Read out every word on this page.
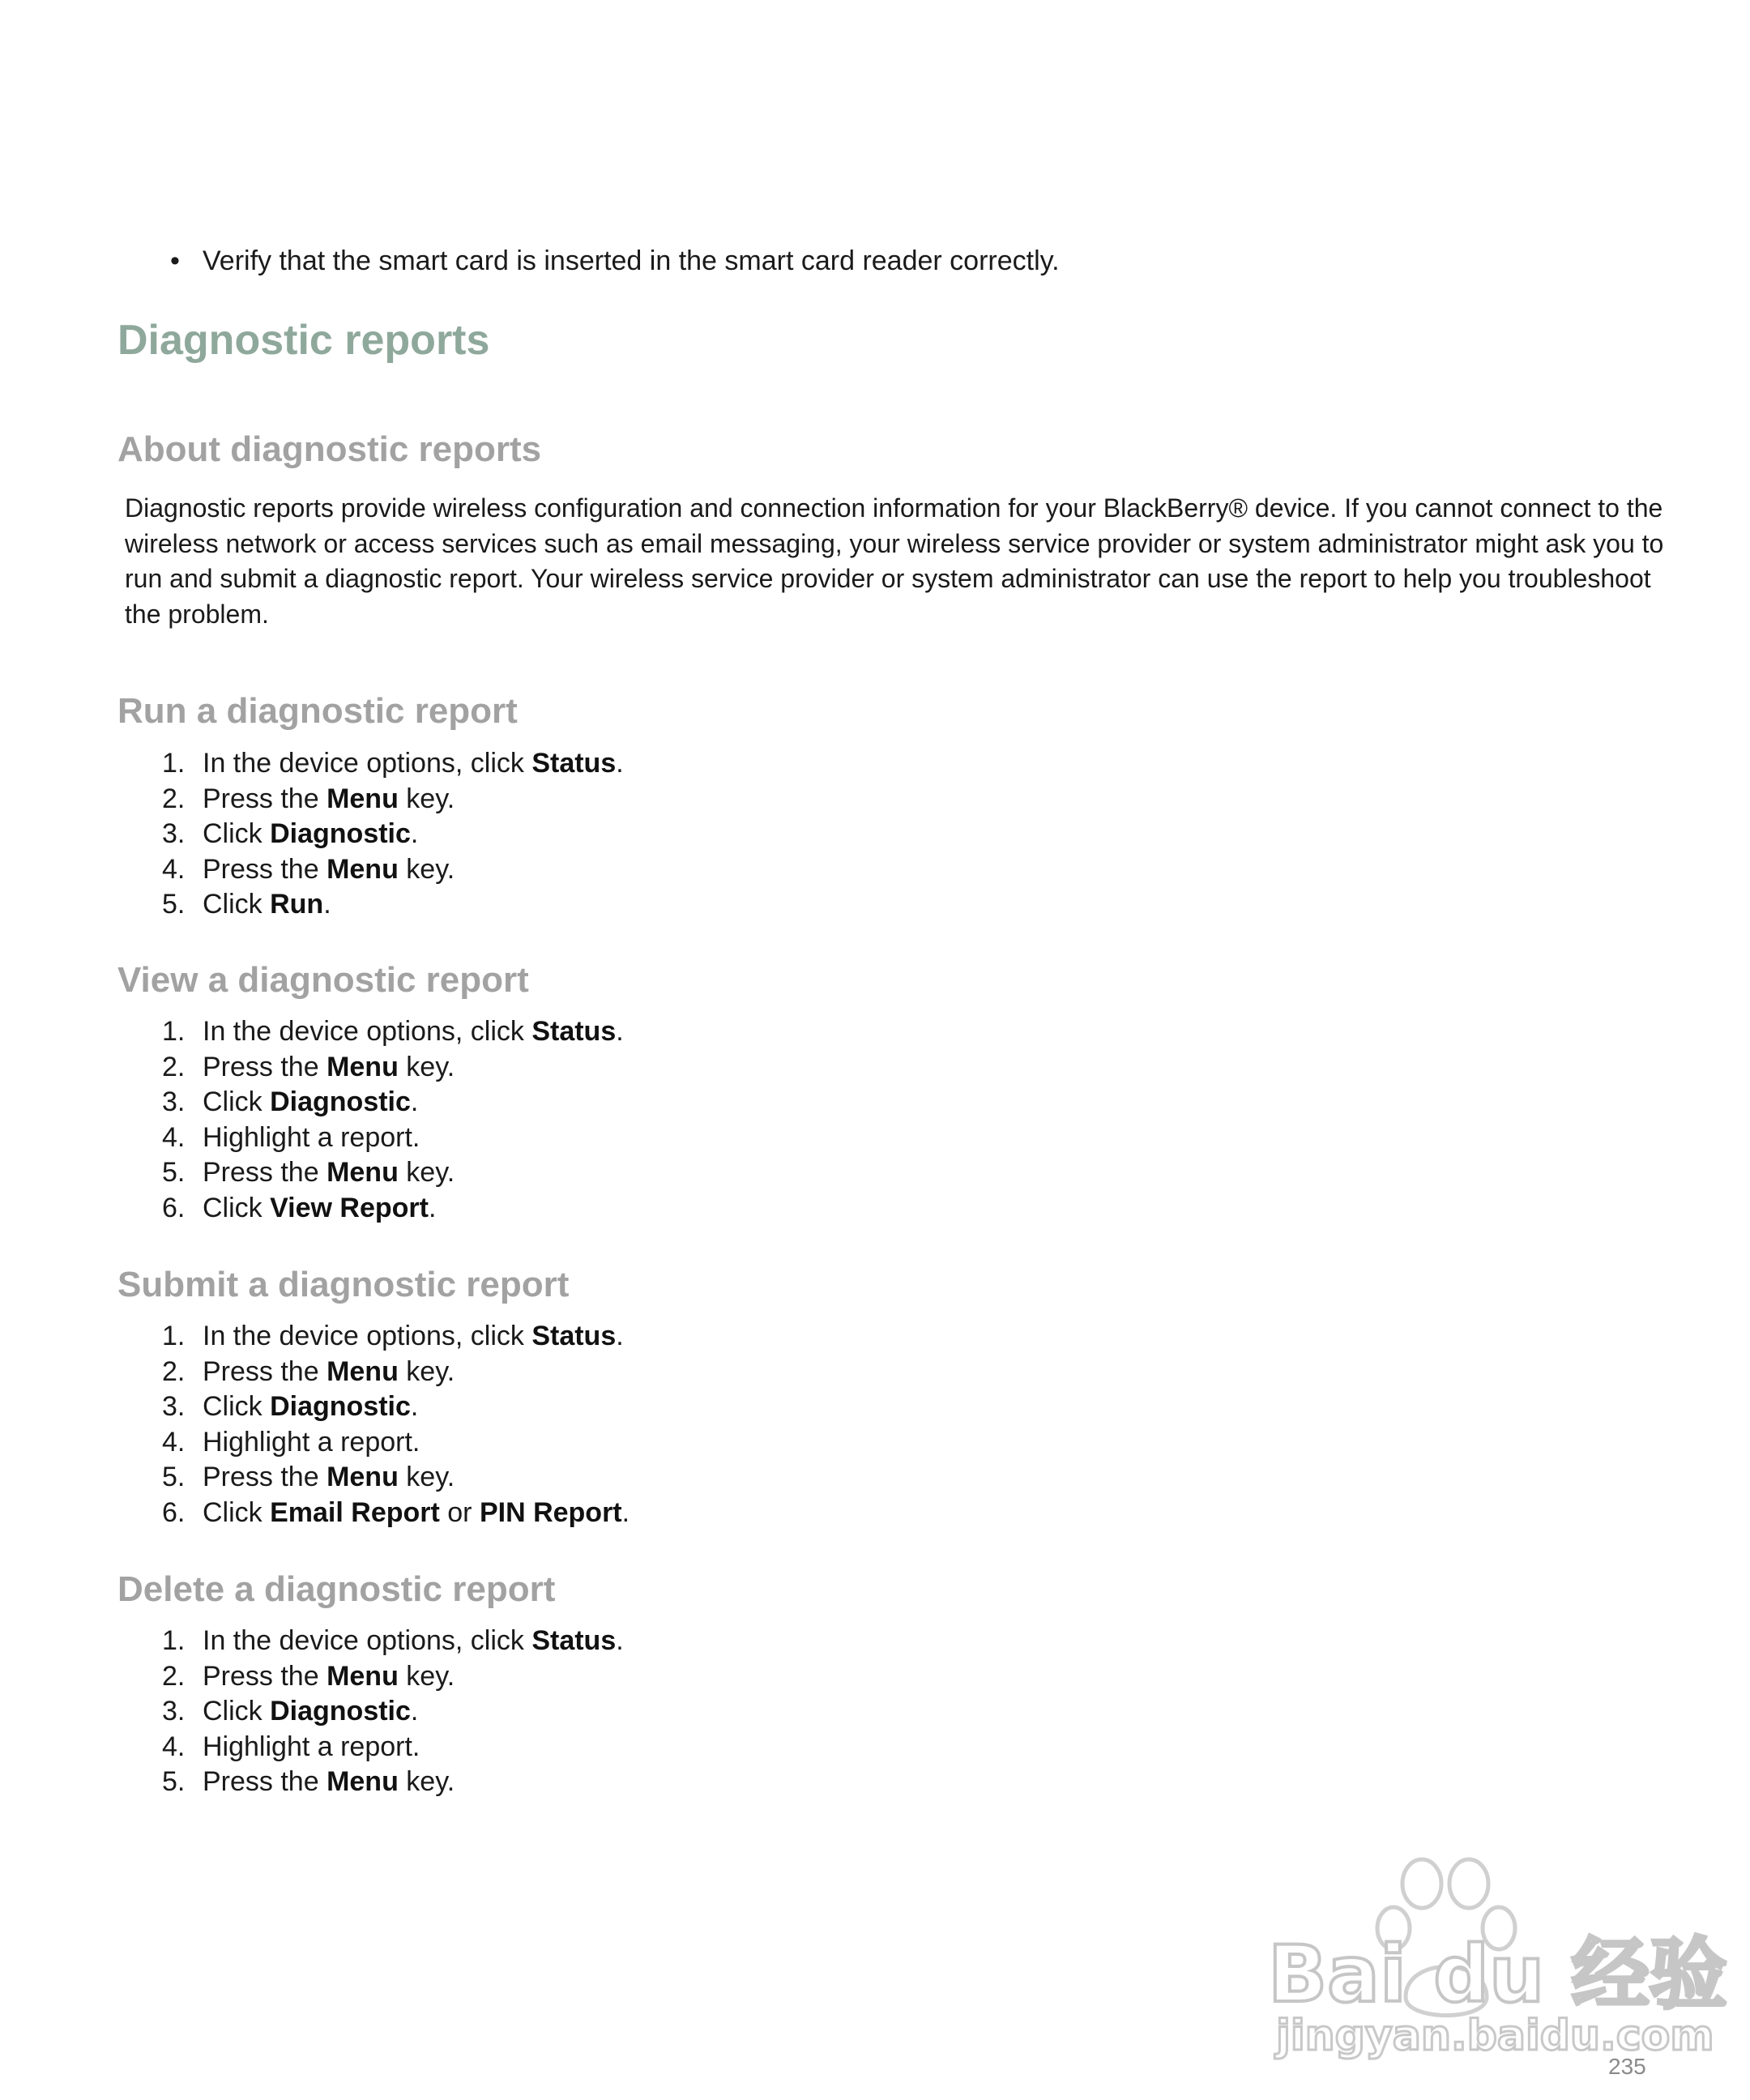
• Verify that the smart card is inserted in the smart card reader correctly.
Diagnostic reports
About diagnostic reports

Diagnostic reports provide wireless configuration and connection information for your BlackBerry® device. If you cannot connect to the wireless network or access services such as email messaging, your wireless service provider or system administrator might ask you to run and submit a diagnostic report. Your wireless service provider or system administrator can use the report to help you troubleshoot the problem.

Run a diagnostic report
1. In the device options, click Status.
2. Press the Menu key.
3. Click Diagnostic.
4. Press the Menu key.
5. Click Run.
View a diagnostic report
1. In the device options, click Status.
2. Press the Menu key.
3. Click Diagnostic.
4. Highlight a report.
5. Press the Menu key.
6. Click View Report.
Submit a diagnostic report
1. In the device options, click Status.
2. Press the Menu key.
3. Click Diagnostic.
4. Highlight a report.
5. Press the Menu key.
6. Click Email Report or PIN Report.
Delete a diagnostic report
1. In the device options, click Status.
2. Press the Menu key.
3. Click Diagnostic.
4. Highlight a report.
5. Press the Menu key.
Bai du 经验
jingyan.baidu.com
235
